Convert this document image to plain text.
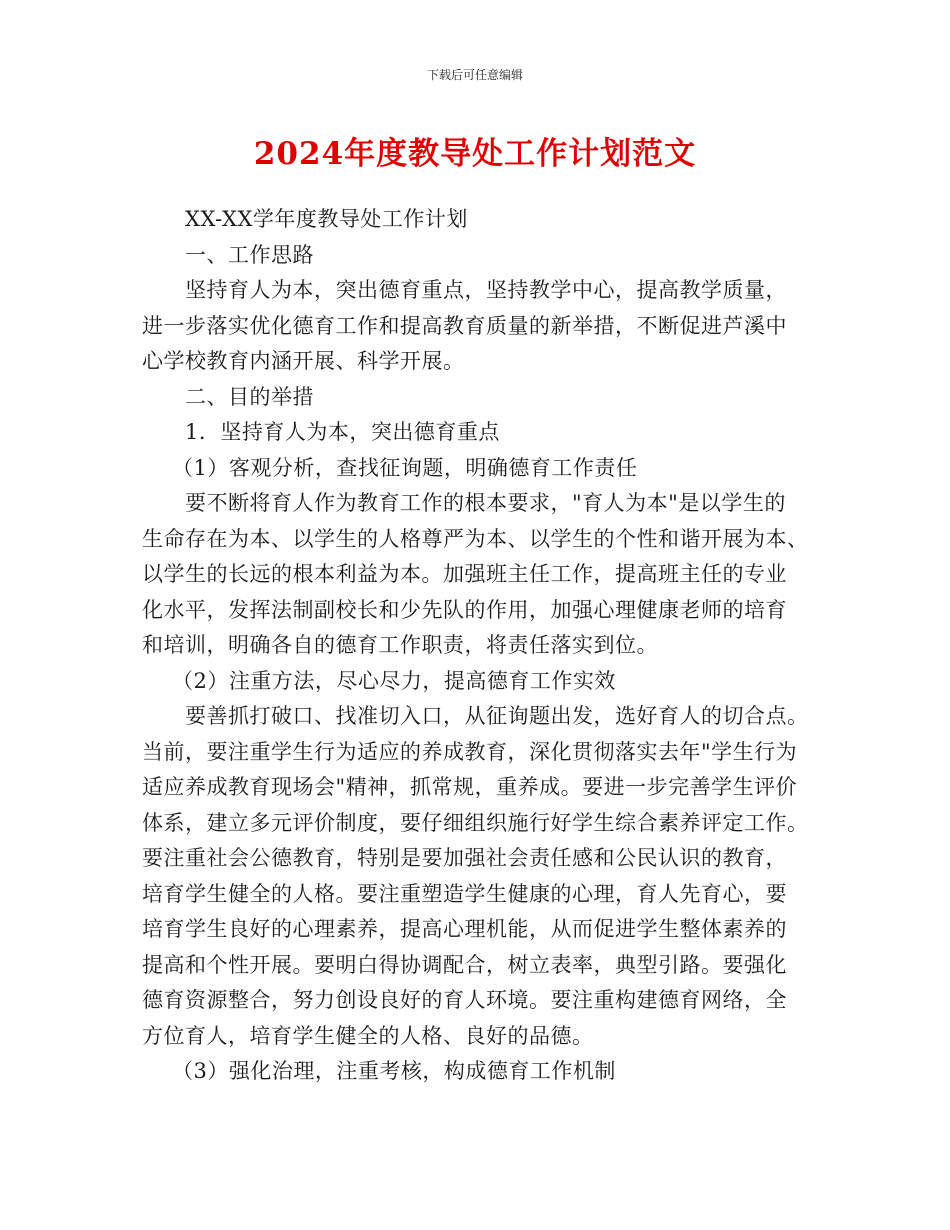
下载后可任意编辑
2024年度教导处工作计划范文
XX-XX学年度教导处工作计划
一、工作思路
坚持育人为本，突出德育重点，坚持教学中心，提高教学质量，
进一步落实优化德育工作和提高教育质量的新举措，不断促进芦溪中
心学校教育内涵开展、科学开展。
二、目的举措
1．坚持育人为本，突出德育重点
（1）客观分析，查找征询题，明确德育工作责任
要不断将育人作为教育工作的根本要求，"育人为本"是以学生的
生命存在为本、以学生的人格尊严为本、以学生的个性和谐开展为本、
以学生的长远的根本利益为本。加强班主任工作，提高班主任的专业
化水平，发挥法制副校长和少先队的作用，加强心理健康老师的培育
和培训，明确各自的德育工作职责，将责任落实到位。
（2）注重方法，尽心尽力，提高德育工作实效
要善抓打破口、找准切入口，从征询题出发，选好育人的切合点。
当前，要注重学生行为适应的养成教育，深化贯彻落实去年"学生行为
适应养成教育现场会"精神，抓常规，重养成。要进一步完善学生评价
体系，建立多元评价制度，要仔细组织施行好学生综合素养评定工作。
要注重社会公德教育，特别是要加强社会责任感和公民认识的教育，
培育学生健全的人格。要注重塑造学生健康的心理，育人先育心，要
培育学生良好的心理素养，提高心理机能，从而促进学生整体素养的
提高和个性开展。要明白得协调配合，树立表率，典型引路。要强化
德育资源整合，努力创设良好的育人环境。要注重构建德育网络，全
方位育人，培育学生健全的人格、良好的品德。
（3）强化治理，注重考核，构成德育工作机制
